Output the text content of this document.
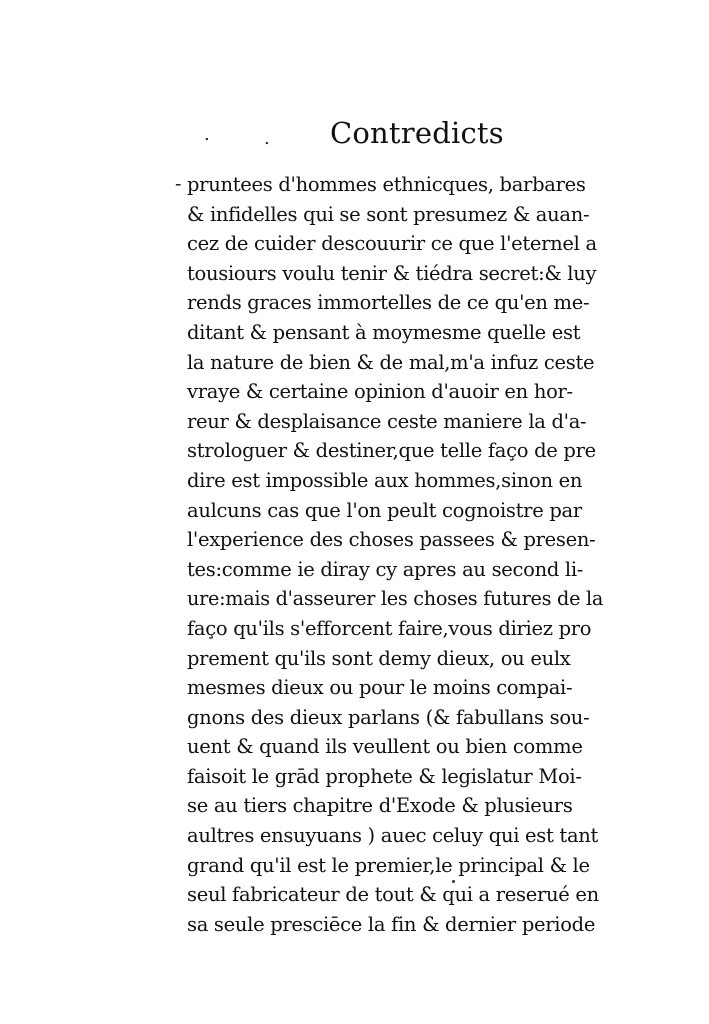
.	. Contredicts
- pruntees d'hommes ethnicques, barbares
& infidelles qui se sont presumez & auan-
cez de cuider descouurir ce que l'eternel a
tousiours voulu tenir & tiédra secret:& luy
rends graces immortelles de ce qu'en me-
ditant & pensant à moymesme quelle est
la nature de bien & de mal,m'a infuz ceste
vraye & certaine opinion d'auoir en hor-
reur & desplaisance ceste maniere la d'a-
strologuer & destiner,que telle faço de pre
dire est impossible aux hommes,sinon en
aulcuns cas que l'on peult cognoistre par
l'experience des choses passees & presen-
tes:comme ie diray cy apres au second li-
ure:mais d'asseurer les choses futures de la
faço qu'ils s'efforcent faire,vous diriez pro
prement qu'ils sont demy dieux, ou eulx
mesmes dieux ou pour le moins compai-
gnons des dieux parlans (& fabullans sou-
uent & quand ils veullent ou bien comme
faisoit le grād prophete & legislatur Moi-
se au tiers chapitre d'Exode & plusieurs
aultres ensuyuans ) auec celuy qui est tant
grand qu'il est le premier,le principal & le
seul fabricateur de tout & qui a reserué en
sa seule presciēce la fin & dernier periode
